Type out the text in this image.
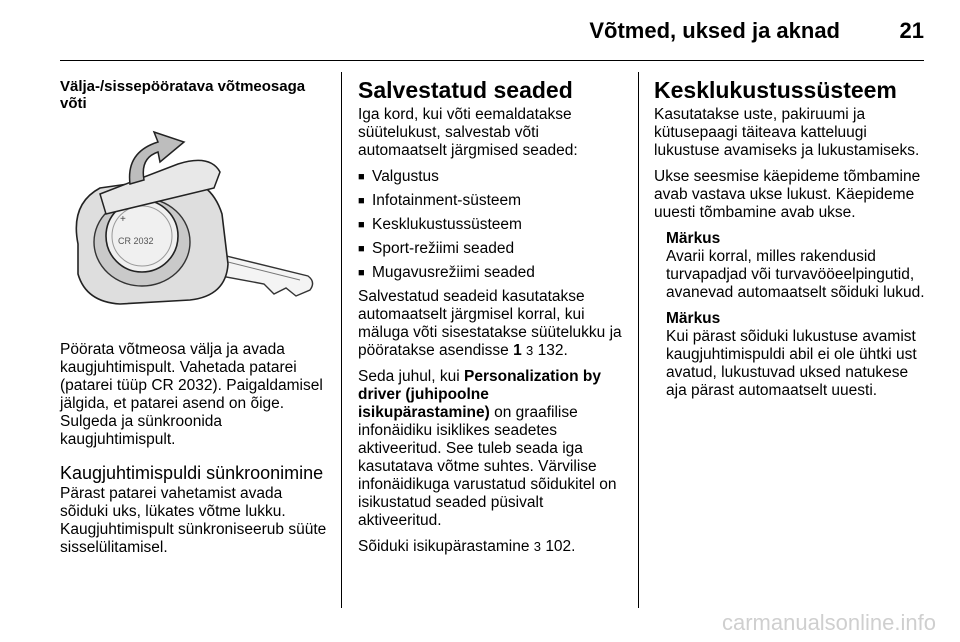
Võtmed, uksed ja aknad	21
Välja-/sissepööratava võtmeosaga võti
+
CR 2032

Pöörata võtmeosa välja ja avada kaugjuhtimispult. Vahetada patarei (patarei tüüp CR 2032). Paigaldamisel jälgida, et patarei asend on õige. Sulgeda ja sünkroonida kaugjuhtimispult.

Kaugjuhtimispuldi sünkroonimine

Pärast patarei vahetamist avada sõiduki uks, lükates võtme lukku. Kaugjuhtimispult sünkroniseerub süüte sisselülitamisel.

Salvestatud seaded

Iga kord, kui võti eemaldatakse süütelukust, salvestab võti automaatselt järgmised seaded:

■ Valgustus
■ Infotainment-süsteem
■ Kesklukustussüsteem
■ Sport-režiimi seaded
■ Mugavusrežiimi seaded

Salvestatud seadeid kasutatakse automaatselt järgmisel korral, kui mäluga võti sisestatakse süütelukku ja pööratakse asendisse 1 3 132.

Seda juhul, kui Personalization by driver (juhipoolne isikupärastamine) on graafilise infonäidiku isiklikes seadetes aktiveeritud. See tuleb seada iga kasutatava võtme suhtes. Värvilise infonäidikuga varustatud sõidukitel on isikustatud seaded püsivalt aktiveeritud.

Sõiduki isikupärastamine 3 102.

Kesklukustussüsteem

Kasutatakse uste, pakiruumi ja kütusepaagi täiteava katteluugi lukustuse avamiseks ja lukustamiseks.

Ukse seesmise käepideme tõmbamine avab vastava ukse lukust. Käepideme uuesti tõmbamine avab ukse.

Märkus
Avarii korral, milles rakendusid turvapadjad või turvavööeelpingutid, avanevad automaatselt sõiduki lukud.
Märkus
Kui pärast sõiduki lukustuse avamist kaugjuhtimispuldi abil ei ole ühtki ust avatud, lukustuvad uksed natukese aja pärast automaatselt uuesti.
carmanualsonline.info
